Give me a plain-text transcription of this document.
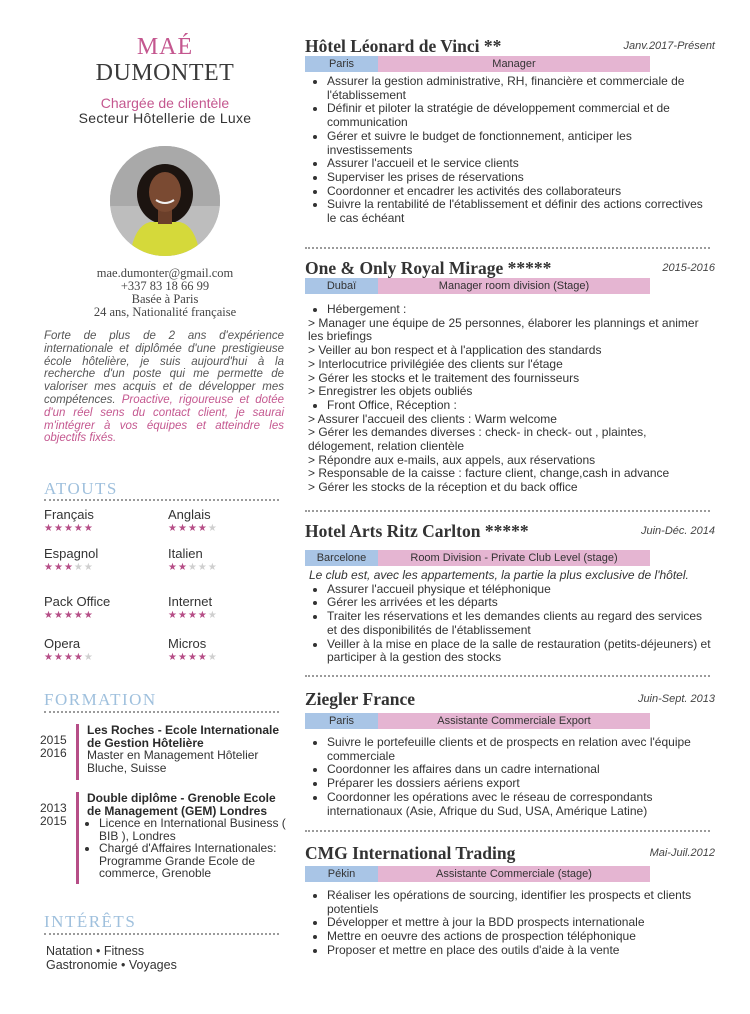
MAÉ
DUMONTET
Chargée de clientèle
Secteur Hôtellerie de Luxe
mae.dumonter@gmail.com
+337 83 18 66 99
Basée à Paris
24 ans, Nationalité française
Forte de plus de 2 ans d'expérience internationale et diplômée d'une prestigieuse école hôtelière, je suis aujourd'hui à la recherche d'un poste qui me permette de valoriser mes acquis et de développer mes compétences. Proactive, rigoureuse et dotée d'un réel sens du contact client, je saurai m'intégrer à vos équipes et atteindre les objectifs fixés.
ATOUTS
Français
★★★★★
Anglais
★★★★★
Espagnol
★★★★★
Italien
★★★★★
Pack Office
★★★★★
Internet
★★★★★
Opera
★★★★★
Micros
★★★★★
FORMATION
2015
2016
Les Roches - Ecole Internationale de Gestion Hôtelière
Master en Management Hôtelier Bluche, Suisse
2013
2015
Double diplôme - Grenoble Ecole de Management (GEM) Londres
• Licence en International Business ( BIB ), Londres
• Chargé d'Affaires Internationales: Programme Grande Ecole de commerce, Grenoble
INTÉRÊTS
Natation • Fitness
Gastronomie • Voyages
Hôtel Léonard de Vinci **	Janv.2017-Présent
Paris	Manager
• Assurer la gestion administrative, RH, financière et commerciale de l'établissement
• Définir et piloter la stratégie de développement commercial et de communication
• Gérer et suivre le budget de fonctionnement, anticiper les investissements
• Assurer l'accueil et le service clients
• Superviser les prises de réservations
• Coordonner et encadrer les activités des collaborateurs
• Suivre la rentabilité de l'établissement et définir des actions correctives le cas échéant
One & Only Royal Mirage *****	2015-2016
Dubaï	Manager room division (Stage)
• Hébergement :
> Manager une équipe de 25 personnes, élaborer les plannings et animer les briefings
> Veiller au bon respect et à l'application des standards
> Interlocutrice privilégiée des clients sur l'étage
> Gérer les stocks et le traitement des fournisseurs
> Enregistrer les objets oubliés
• Front Office, Réception :
> Assurer l'accueil des clients : Warm welcome
> Gérer les demandes diverses : check- in check- out , plaintes, délogement, relation clientèle
> Répondre aux e-mails, aux appels, aux réservations
> Responsable de la caisse : facture client, change,cash in advance
> Gérer les stocks de la réception et du back office
Hotel Arts Ritz Carlton *****	Juin-Déc. 2014
Barcelone	Room Division - Private Club Level (stage)
Le club est, avec les appartements, la partie la plus exclusive de l'hôtel.
• Assurer l'accueil physique et téléphonique
• Gérer les arrivées et les départs
• Traiter les réservations et les demandes clients au regard des services et des disponibilités de l'établissement
• Veiller à la mise en place de la salle de restauration (petits-déjeuners) et participer à la gestion des stocks
Ziegler France	Juin-Sept. 2013
Paris	Assistante Commerciale Export
• Suivre le portefeuille clients et de prospects en relation avec l'équipe commerciale
• Coordonner les affaires dans un cadre international
• Préparer les dossiers aériens export
• Coordonner les opérations avec le réseau de correspondants internationaux (Asie, Afrique du Sud, USA, Amérique Latine)
CMG International Trading	Mai-Juil.2012
Pékin	Assistante Commerciale (stage)
• Réaliser les opérations de sourcing, identifier les prospects et clients potentiels
• Développer et mettre à jour la BDD prospects internationale
• Mettre en oeuvre des actions de prospection téléphonique
• Proposer et mettre en place des outils d'aide à la vente
